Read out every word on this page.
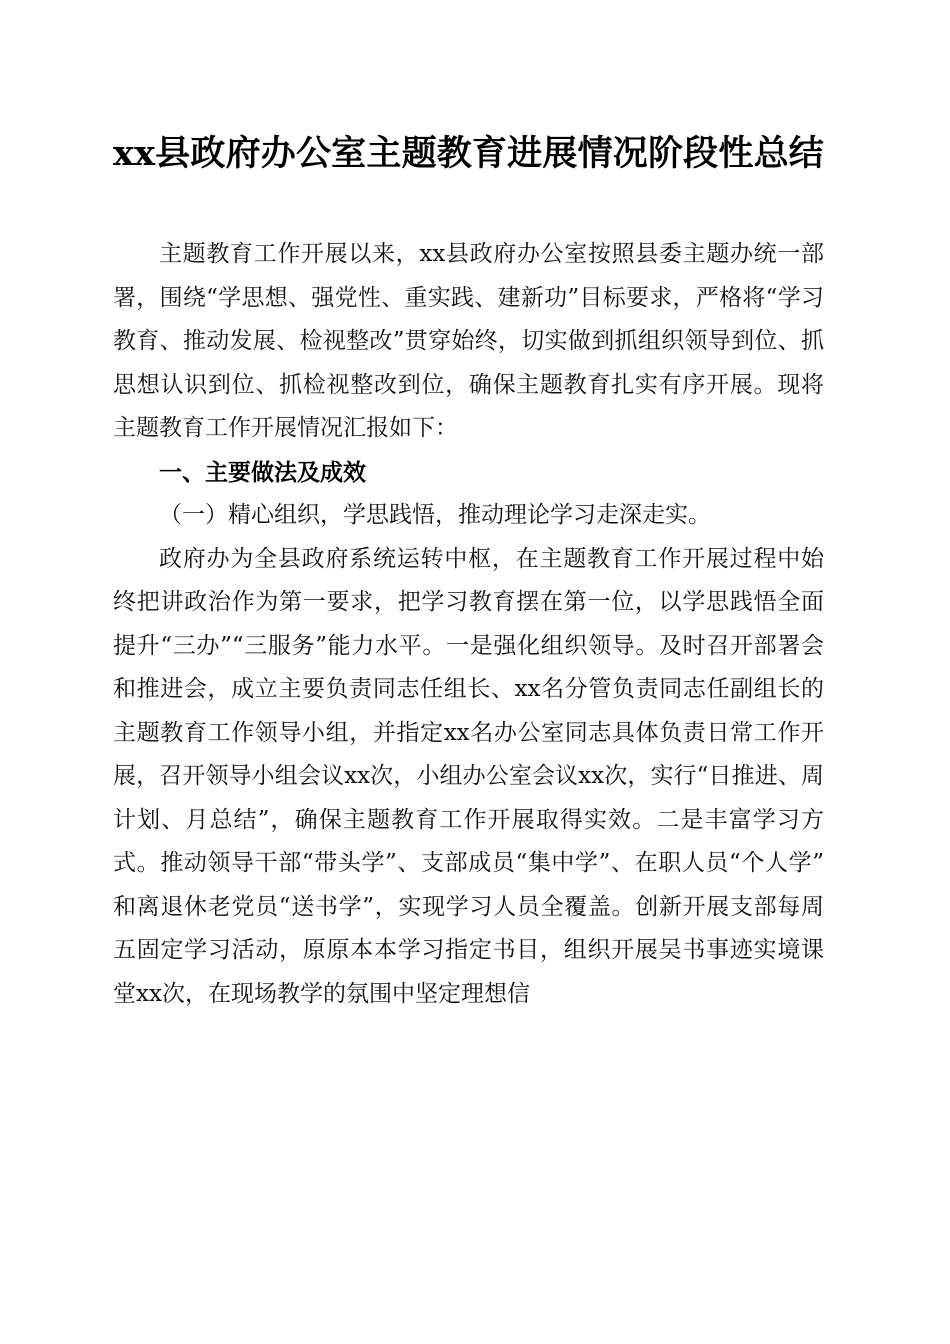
xx县政府办公室主题教育进展情况阶段性总结

主题教育工作开展以来，xx县政府办公室按照县委主题办统一部署，围绕“学思想、强党性、重实践、建新功”目标要求，严格将“学习教育、推动发展、检视整改”贯穿始终，切实做到抓组织领导到位、抓思想认识到位、抓检视整改到位，确保主题教育扎实有序开展。现将主题教育工作开展情况汇报如下：

一、主要做法及成效

（一）精心组织，学思践悟，推动理论学习走深走实。

政府办为全县政府系统运转中枢，在主题教育工作开展过程中始终把讲政治作为第一要求，把学习教育摆在第一位，以学思践悟全面提升“三办”“三服务”能力水平。一是强化组织领导。及时召开部署会和推进会，成立主要负责同志任组长、xx名分管负责同志任副组长的主题教育工作领导小组，并指定xx名办公室同志具体负责日常工作开展，召开领导小组会议xx次，小组办公室会议xx次，实行“日推进、周计划、月总结”，确保主题教育工作开展取得实效。二是丰富学习方式。推动领导干部“带头学”、支部成员“集中学”、在职人员“个人学”和离退休老党员“送书学”，实现学习人员全覆盖。创新开展支部每周五固定学习活动，原原本本学习指定书目，组织开展吴书事迹实境课堂xx次，在现场教学的氛围中坚定理想信
